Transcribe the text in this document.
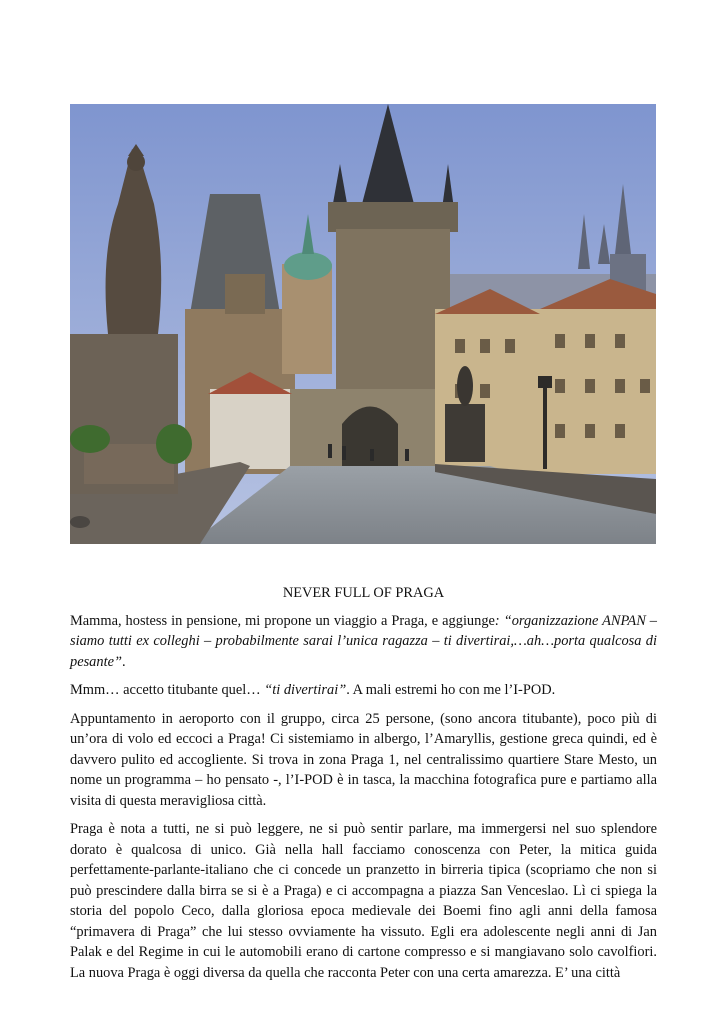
NEVER FULL OF PRAGA

Mamma, hostess in pensione, mi propone un viaggio a Praga, e aggiunge: “organizzazione ANPAN – siamo tutti ex colleghi – probabilmente sarai l’unica ragazza – ti divertirai,…ah…porta qualcosa di pesante”.

Mmm… accetto titubante quel… “ti divertirai”. A mali estremi ho con me l’I-POD.

Appuntamento in aeroporto con il gruppo, circa 25 persone, (sono ancora titubante), poco più di un’ora di volo ed eccoci a Praga! Ci sistemiamo in albergo, l’Amaryllis, gestione greca quindi, ed è davvero pulito ed accogliente. Si trova in zona Praga 1, nel centralissimo quartiere Stare Mesto, un nome un programma – ho pensato -, l’I-POD è in tasca, la macchina fotografica pure e partiamo alla visita di questa meravigliosa città.

Praga è nota a tutti, ne si può leggere, ne si può sentir parlare, ma immergersi nel suo splendore dorato è qualcosa di unico. Già nella hall facciamo conoscenza con Peter, la mitica guida perfettamente-parlante-italiano che ci concede un pranzetto in birreria tipica (scopriamo che non si può prescindere dalla birra se si è a Praga) e ci accompagna a piazza San Venceslao. Lì ci spiega la storia del popolo Ceco, dalla gloriosa epoca medievale dei Boemi fino agli anni della famosa “primavera di Praga” che lui stesso ovviamente ha vissuto. Egli era adolescente negli anni di Jan Palak e del Regime in cui le automobili erano di cartone compresso e si mangiavano solo cavolfiori. La nuova Praga è oggi diversa da quella che racconta Peter con una certa amarezza. E’ una città
